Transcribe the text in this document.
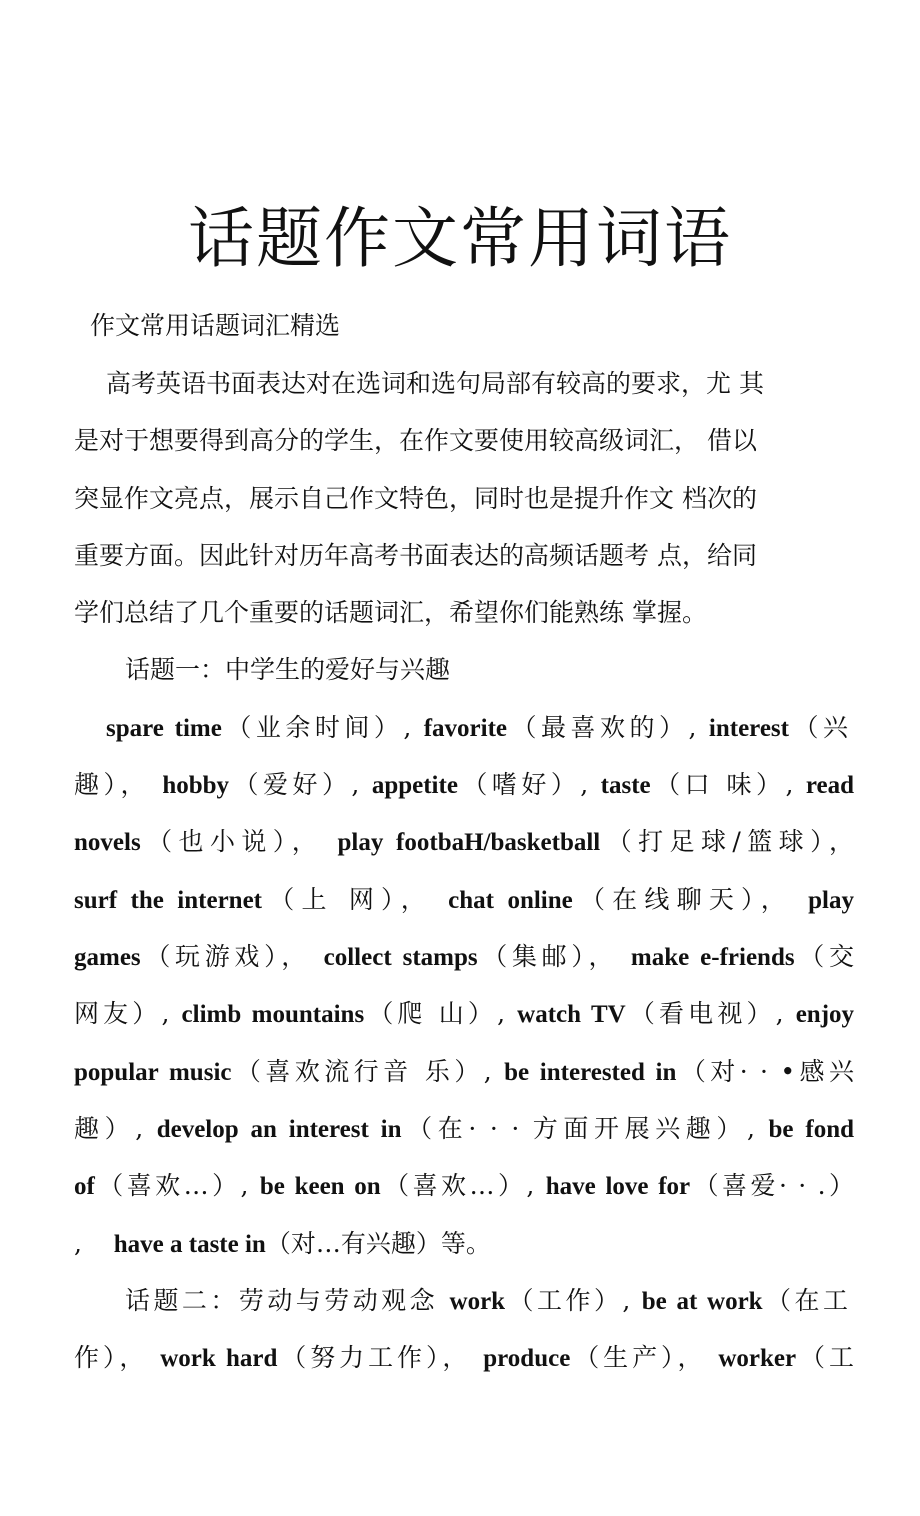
话题作文常用词语
作文常用话题词汇精选
高考英语书面表达对在选词和选句局部有较高的要求，尤 其
是对于想要得到高分的学生，在作文要使用较高级词汇， 借以
突显作文亮点，展示自己作文特色，同时也是提升作文 档次的
重要方面。因此针对历年高考书面表达的高频话题考 点，给同
学们总结了几个重要的话题词汇，希望你们能熟练 掌握。
话题一：中学生的爱好与兴趣
spare time（业余时间）, favorite（最喜欢的）, interest（兴
趣）， hobby（爱好）, appetite（嗜好）, taste（口 味）, read
novels（也小说）， play footbaH/basketball（打足球/篮球），
surf the internet（上 网）， chat online（在线聊天）， play
games（玩游戏）， collect stamps（集邮）， make e-friends（交
网友）, climb mountains（爬 山）, watch TV（看电视）, enjoy
popular music（喜欢流行音 乐）, be interested in（对· · •感兴
趣）, develop an interest in（在· · · 方面开展兴趣）, be fond
of（喜欢…）, be keen on（喜欢…）, have love for（喜爱· · .）
, have a taste in（对…有兴趣）等。
话题二：劳动与劳动观念 work（工作）, be at work（在工
作）， work hard（努力工作）， produce（生产）， worker（工
